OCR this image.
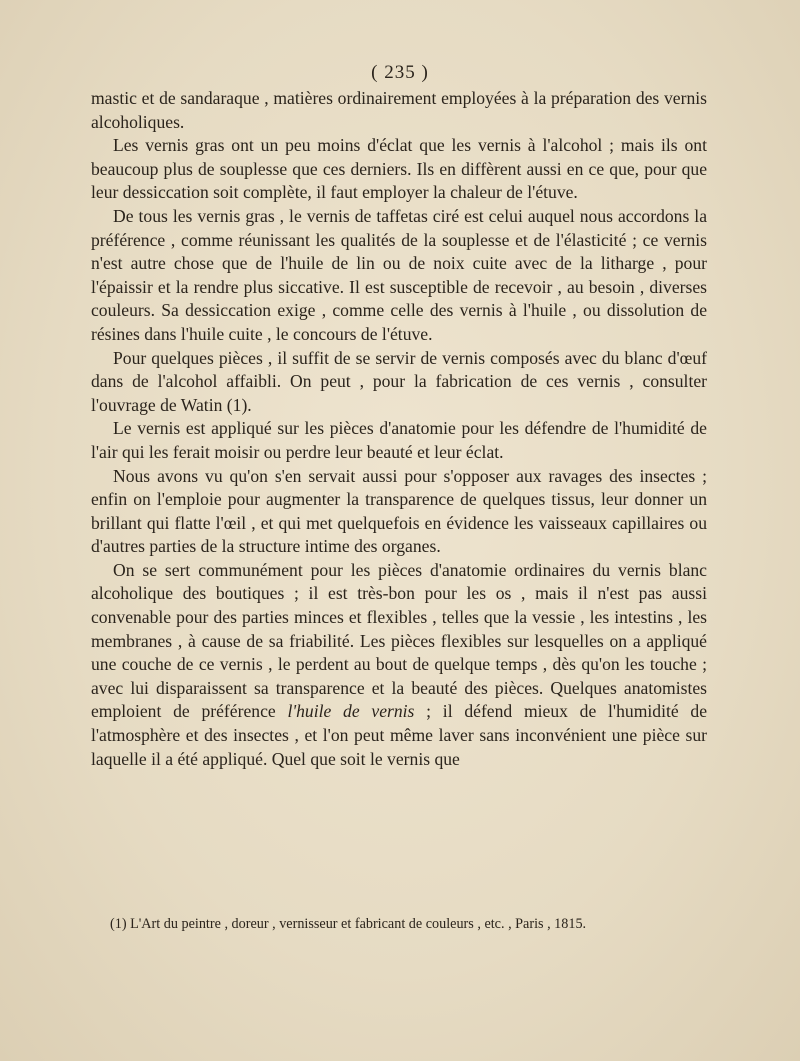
( 235 )

mastic et de sandaraque , matières ordinairement employées à la préparation des vernis alcoholiques.

Les vernis gras ont un peu moins d'éclat que les vernis à l'alcohol ; mais ils ont beaucoup plus de souplesse que ces derniers. Ils en diffèrent aussi en ce que, pour que leur dessiccation soit complète, il faut employer la chaleur de l'étuve.

De tous les vernis gras , le vernis de taffetas ciré est celui auquel nous accordons la préférence , comme réunissant les qualités de la souplesse et de l'élasticité ; ce vernis n'est autre chose que de l'huile de lin ou de noix cuite avec de la litharge , pour l'épaissir et la rendre plus siccative. Il est susceptible de recevoir , au besoin , diverses couleurs. Sa dessiccation exige , comme celle des vernis à l'huile , ou dissolution de résines dans l'huile cuite , le concours de l'étuve.

Pour quelques pièces , il suffit de se servir de vernis composés avec du blanc d'œuf dans de l'alcohol affaibli. On peut , pour la fabrication de ces vernis , consulter l'ouvrage de Watin (1).

Le vernis est appliqué sur les pièces d'anatomie pour les défendre de l'humidité de l'air qui les ferait moisir ou perdre leur beauté et leur éclat.

Nous avons vu qu'on s'en servait aussi pour s'opposer aux ravages des insectes ; enfin on l'emploie pour augmenter la transparence de quelques tissus, leur donner un brillant qui flatte l'œil , et qui met quelquefois en évidence les vaisseaux capillaires ou d'autres parties de la structure intime des organes.

On se sert communément pour les pièces d'anatomie ordinaires du vernis blanc alcoholique des boutiques ; il est très-bon pour les os , mais il n'est pas aussi convenable pour des parties minces et flexibles , telles que la vessie , les intestins , les membranes , à cause de sa friabilité. Les pièces flexibles sur lesquelles on a appliqué une couche de ce vernis , le perdent au bout de quelque temps , dès qu'on les touche ; avec lui disparaissent sa transparence et la beauté des pièces. Quelques anatomistes emploient de préférence l'huile de vernis ; il défend mieux de l'humidité de l'atmosphère et des insectes , et l'on peut même laver sans inconvénient une pièce sur laquelle il a été appliqué. Quel que soit le vernis que

(1) L'Art du peintre , doreur , vernisseur et fabricant de couleurs , etc. , Paris , 1815.
